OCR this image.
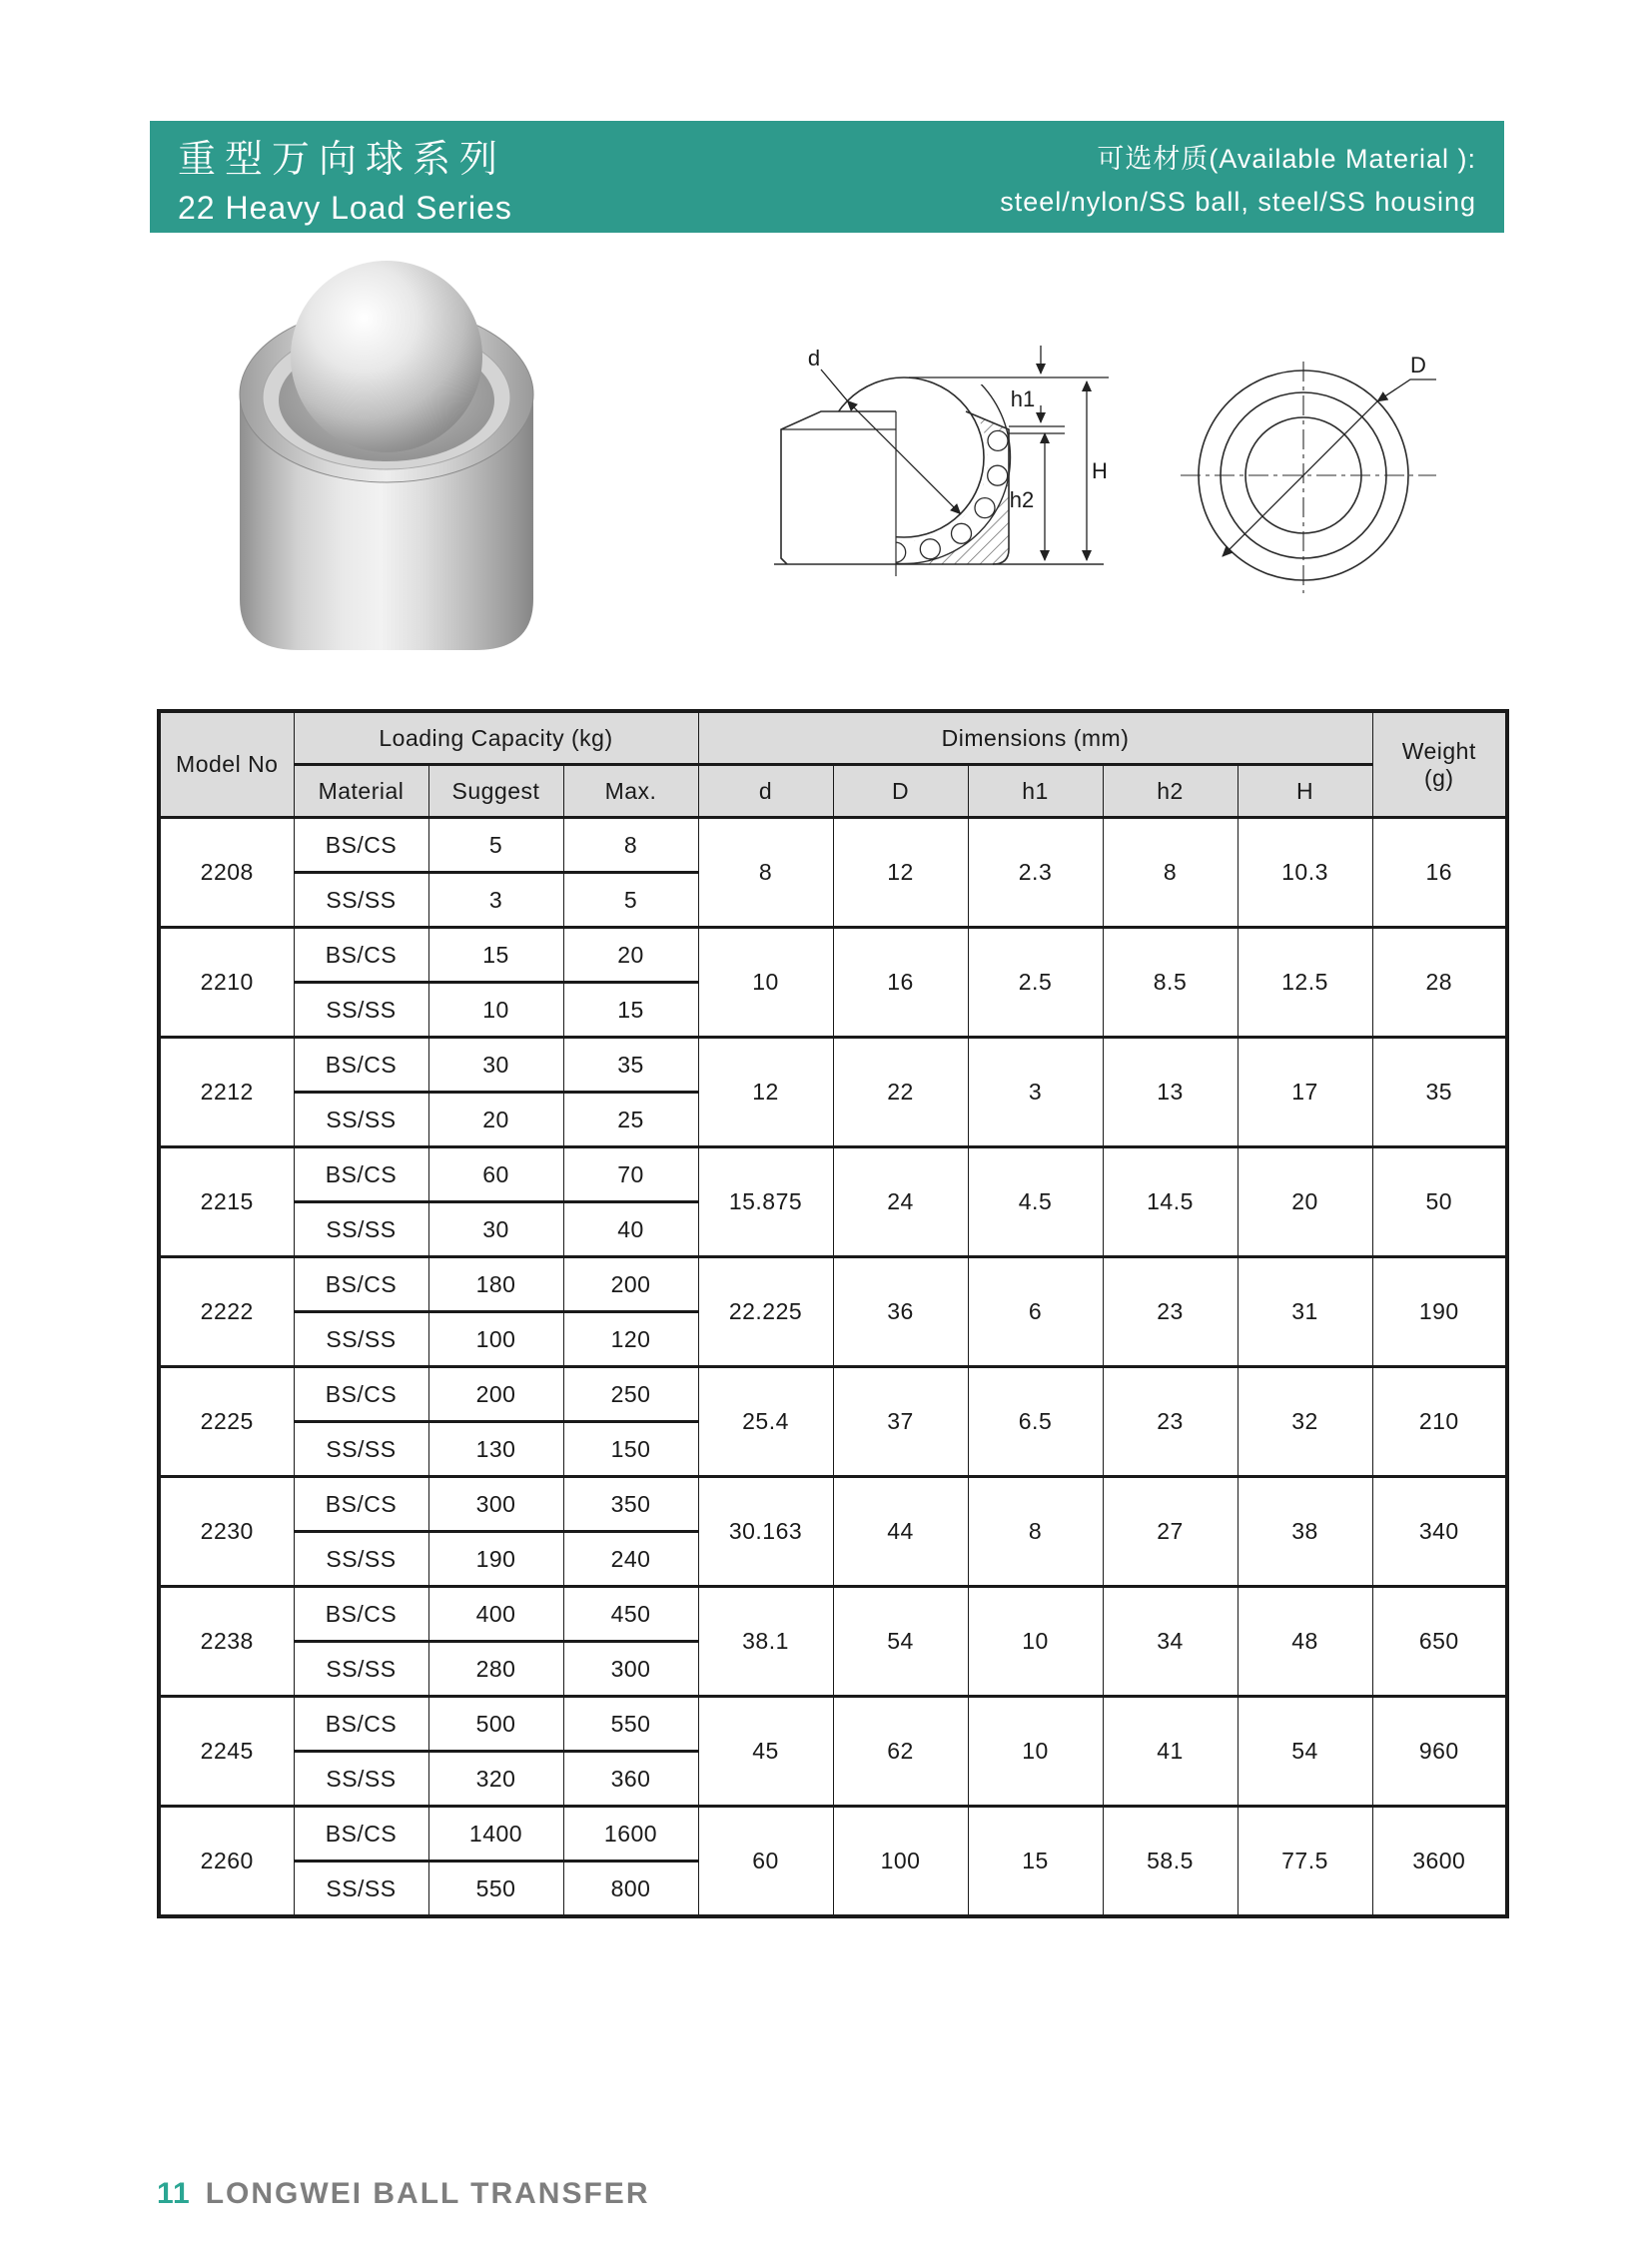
重型万向球系列
22 Heavy Load Series
可选材质(Available Material ):
steel/nylon/SS ball, steel/SS housing
d
h1
h2
H
D
Model No	Loading Capacity (kg)			Dimensions (mm)					Weight
(g)

	Material	Suggest	Max.	d	D	h1	h2	H	
2208	BS/CS	5	8	8	12	2.3	8	10.3	16
	SS/SS	3	5						
2210	BS/CS	15	20	10	16	2.5	8.5	12.5	28
	SS/SS	10	15						
2212	BS/CS	30	35	12	22	3	13	17	35
	SS/SS	20	25						
2215	BS/CS	60	70	15.875	24	4.5	14.5	20	50
	SS/SS	30	40						
2222	BS/CS	180	200	22.225	36	6	23	31	190
	SS/SS	100	120						
2225	BS/CS	200	250	25.4	37	6.5	23	32	210
	SS/SS	130	150						
2230	BS/CS	300	350	30.163	44	8	27	38	340
	SS/SS	190	240						
2238	BS/CS	400	450	38.1	54	10	34	48	650
	SS/SS	280	300						
2245	BS/CS	500	550	45	62	10	41	54	960
	SS/SS	320	360						
2260	BS/CS	1400	1600	60	100	15	58.5	77.5	3600
	SS/SS	550	800						
11 LONGWEI BALL TRANSFER
